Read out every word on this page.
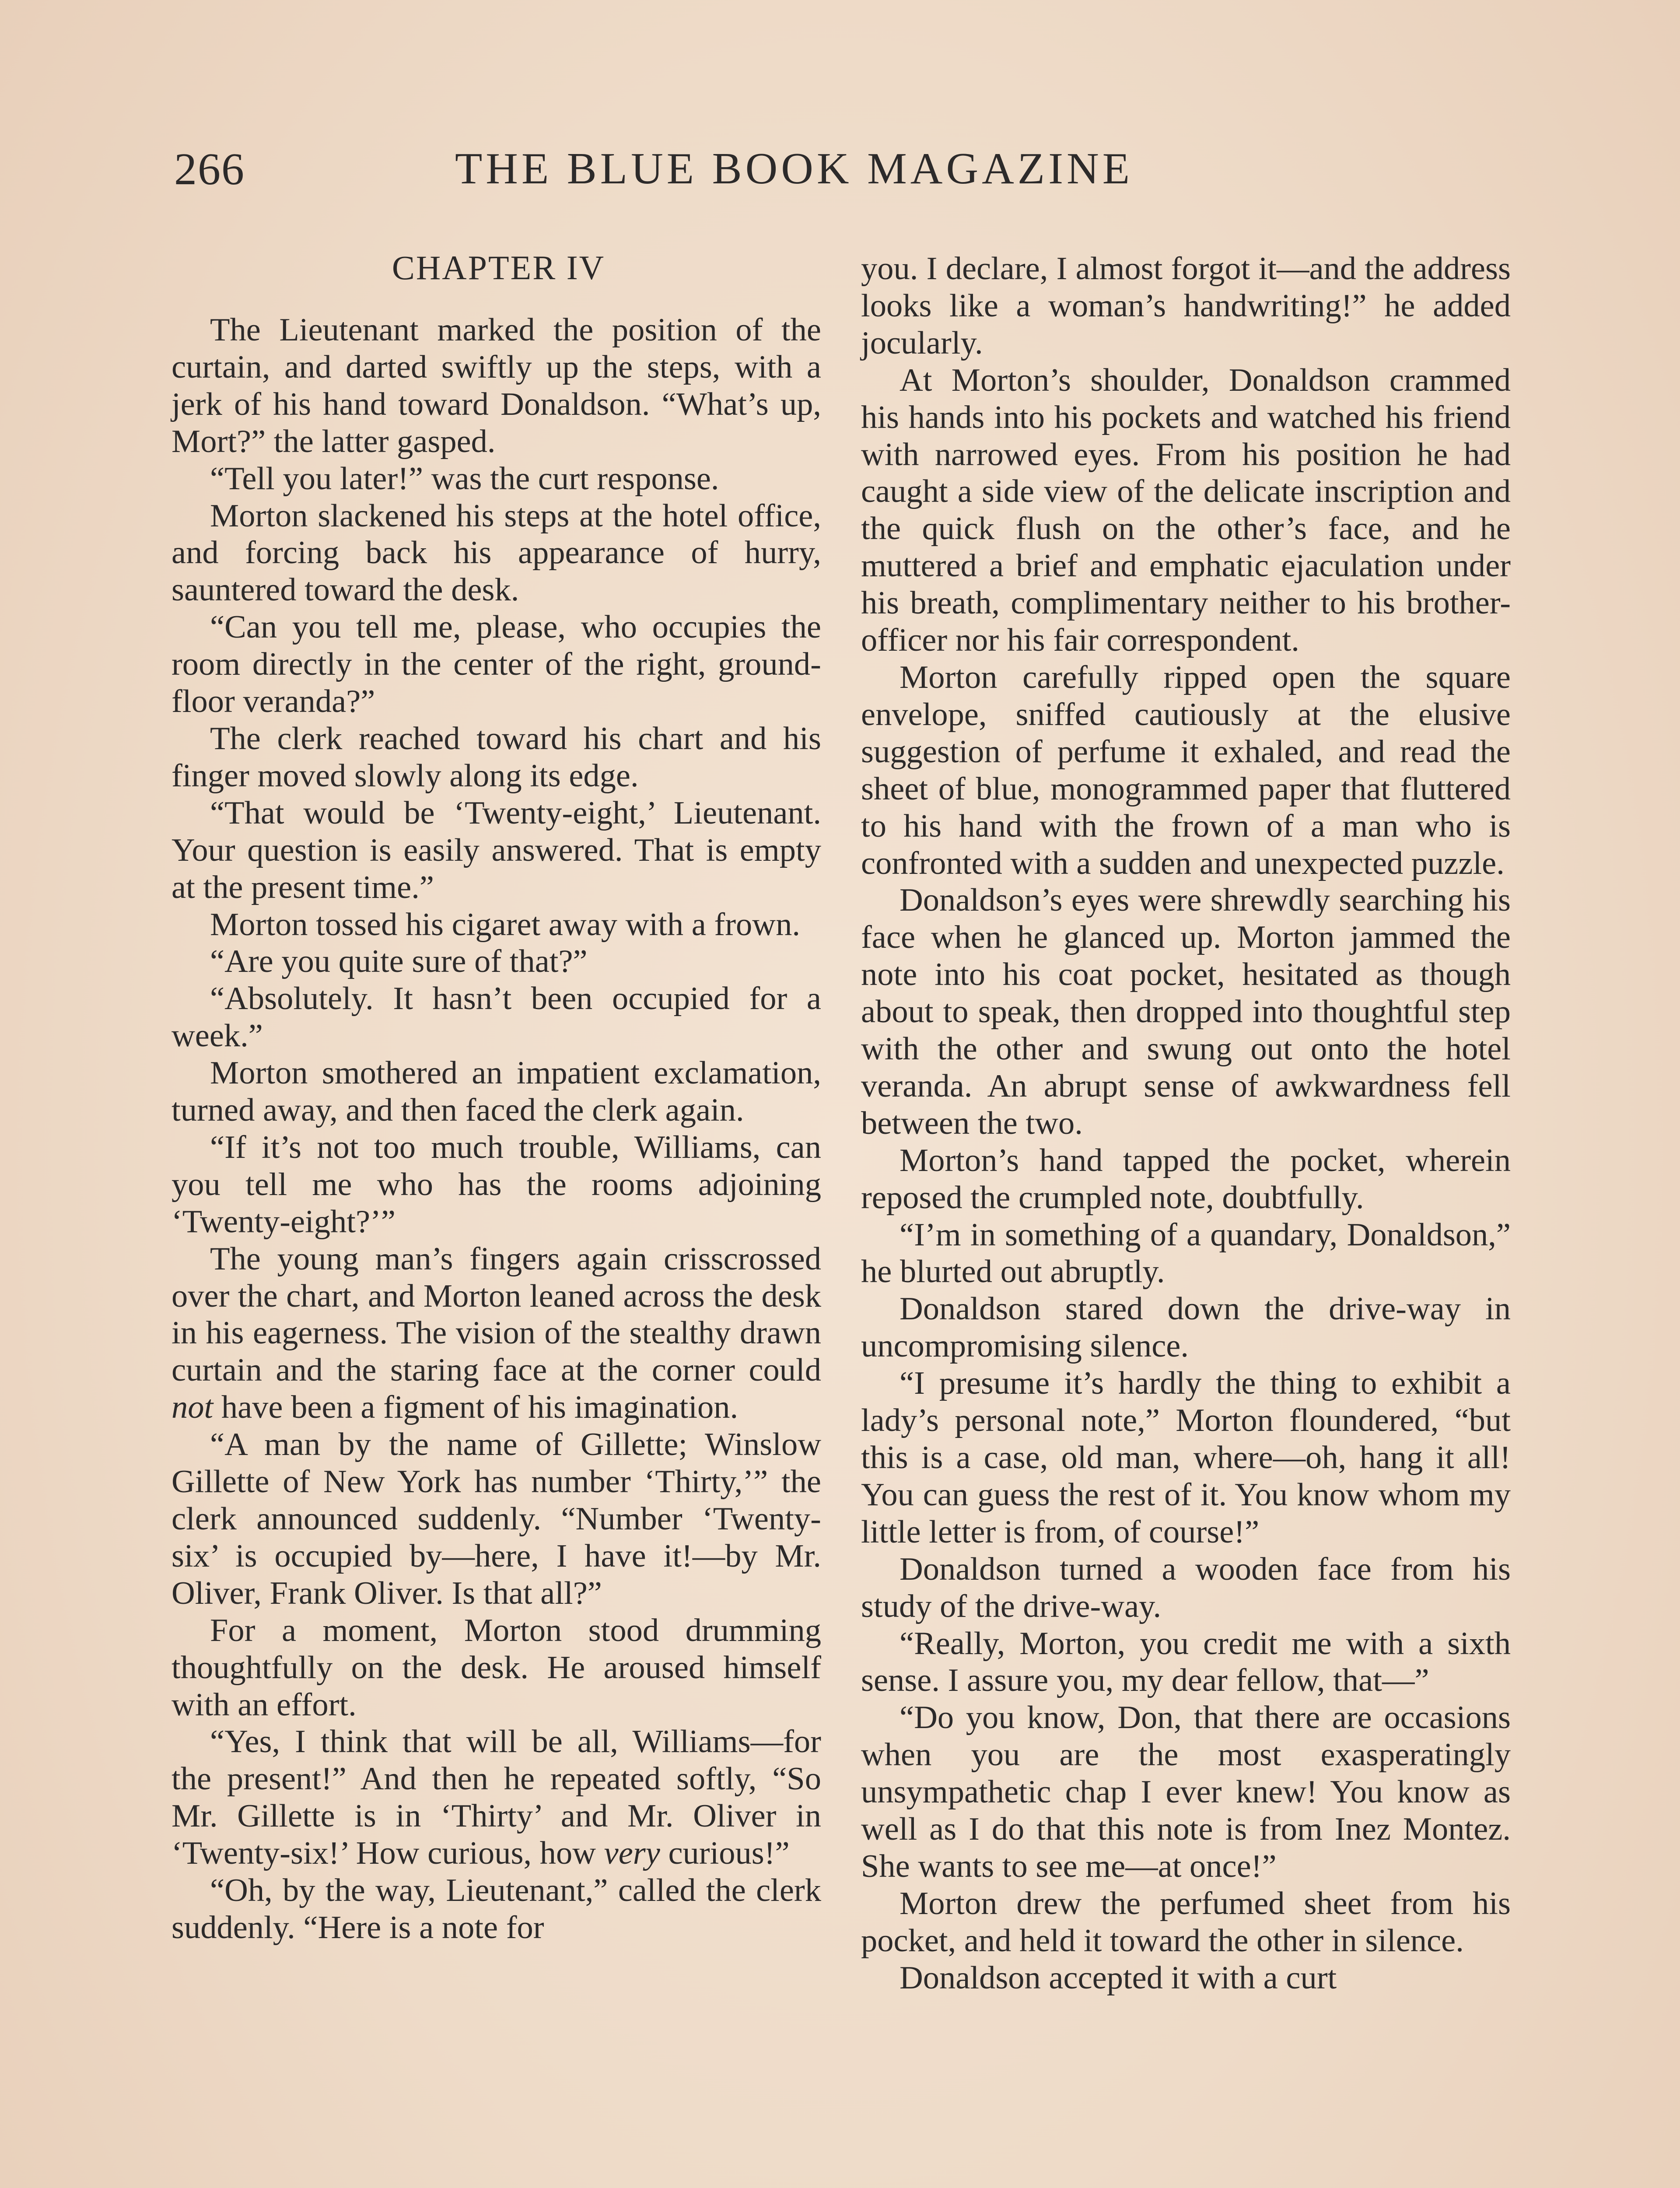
266	THE BLUE BOOK MAGAZINE
CHAPTER IV

The Lieutenant marked the position of the curtain, and darted swiftly up the steps, with a jerk of his hand toward Donaldson. “What’s up, Mort?” the latter gasped.

“Tell you later!” was the curt response.

Morton slackened his steps at the hotel office, and forcing back his appearance of hurry, sauntered toward the desk.

“Can you tell me, please, who occupies the room directly in the center of the right, ground-floor veranda?”

The clerk reached toward his chart and his finger moved slowly along its edge.

“That would be ‘Twenty-eight,’ Lieutenant. Your question is easily answered. That is empty at the present time.”

Morton tossed his cigaret away with a frown.

“Are you quite sure of that?”

“Absolutely. It hasn’t been occupied for a week.”

Morton smothered an impatient exclamation, turned away, and then faced the clerk again.

“If it’s not too much trouble, Williams, can you tell me who has the rooms adjoining ‘Twenty-eight?’”

The young man’s fingers again crisscrossed over the chart, and Morton leaned across the desk in his eagerness. The vision of the stealthy drawn curtain and the staring face at the corner could not have been a figment of his imagination.

“A man by the name of Gillette; Winslow Gillette of New York has number ‘Thirty,’” the clerk announced suddenly. “Number ‘Twenty-six’ is occupied by—here, I have it!—by Mr. Oliver, Frank Oliver. Is that all?”

For a moment, Morton stood drumming thoughtfully on the desk. He aroused himself with an effort.

“Yes, I think that will be all, Williams—for the present!” And then he repeated softly, “So Mr. Gillette is in ‘Thirty’ and Mr. Oliver in ‘Twenty-six!’ How curious, how very curious!”

“Oh, by the way, Lieutenant,” called the clerk suddenly. “Here is a note for

you. I declare, I almost forgot it—and the address looks like a woman’s handwriting!” he added jocularly.

At Morton’s shoulder, Donaldson crammed his hands into his pockets and watched his friend with narrowed eyes. From his position he had caught a side view of the delicate inscription and the quick flush on the other’s face, and he muttered a brief and emphatic ejaculation under his breath, complimentary neither to his brother-officer nor his fair correspondent.

Morton carefully ripped open the square envelope, sniffed cautiously at the elusive suggestion of perfume it exhaled, and read the sheet of blue, monogrammed paper that fluttered to his hand with the frown of a man who is confronted with a sudden and unexpected puzzle.

Donaldson’s eyes were shrewdly searching his face when he glanced up. Morton jammed the note into his coat pocket, hesitated as though about to speak, then dropped into thoughtful step with the other and swung out onto the hotel veranda. An abrupt sense of awkwardness fell between the two.

Morton’s hand tapped the pocket, wherein reposed the crumpled note, doubtfully.

“I’m in something of a quandary, Donaldson,” he blurted out abruptly.

Donaldson stared down the drive-way in uncompromising silence.

“I presume it’s hardly the thing to exhibit a lady’s personal note,” Morton floundered, “but this is a case, old man, where—oh, hang it all! You can guess the rest of it. You know whom my little letter is from, of course!”

Donaldson turned a wooden face from his study of the drive-way.

“Really, Morton, you credit me with a sixth sense. I assure you, my dear fellow, that—”

“Do you know, Don, that there are occasions when you are the most exasperatingly unsympathetic chap I ever knew! You know as well as I do that this note is from Inez Montez. She wants to see me—at once!”

Morton drew the perfumed sheet from his pocket, and held it toward the other in silence.

Donaldson accepted it with a curt
